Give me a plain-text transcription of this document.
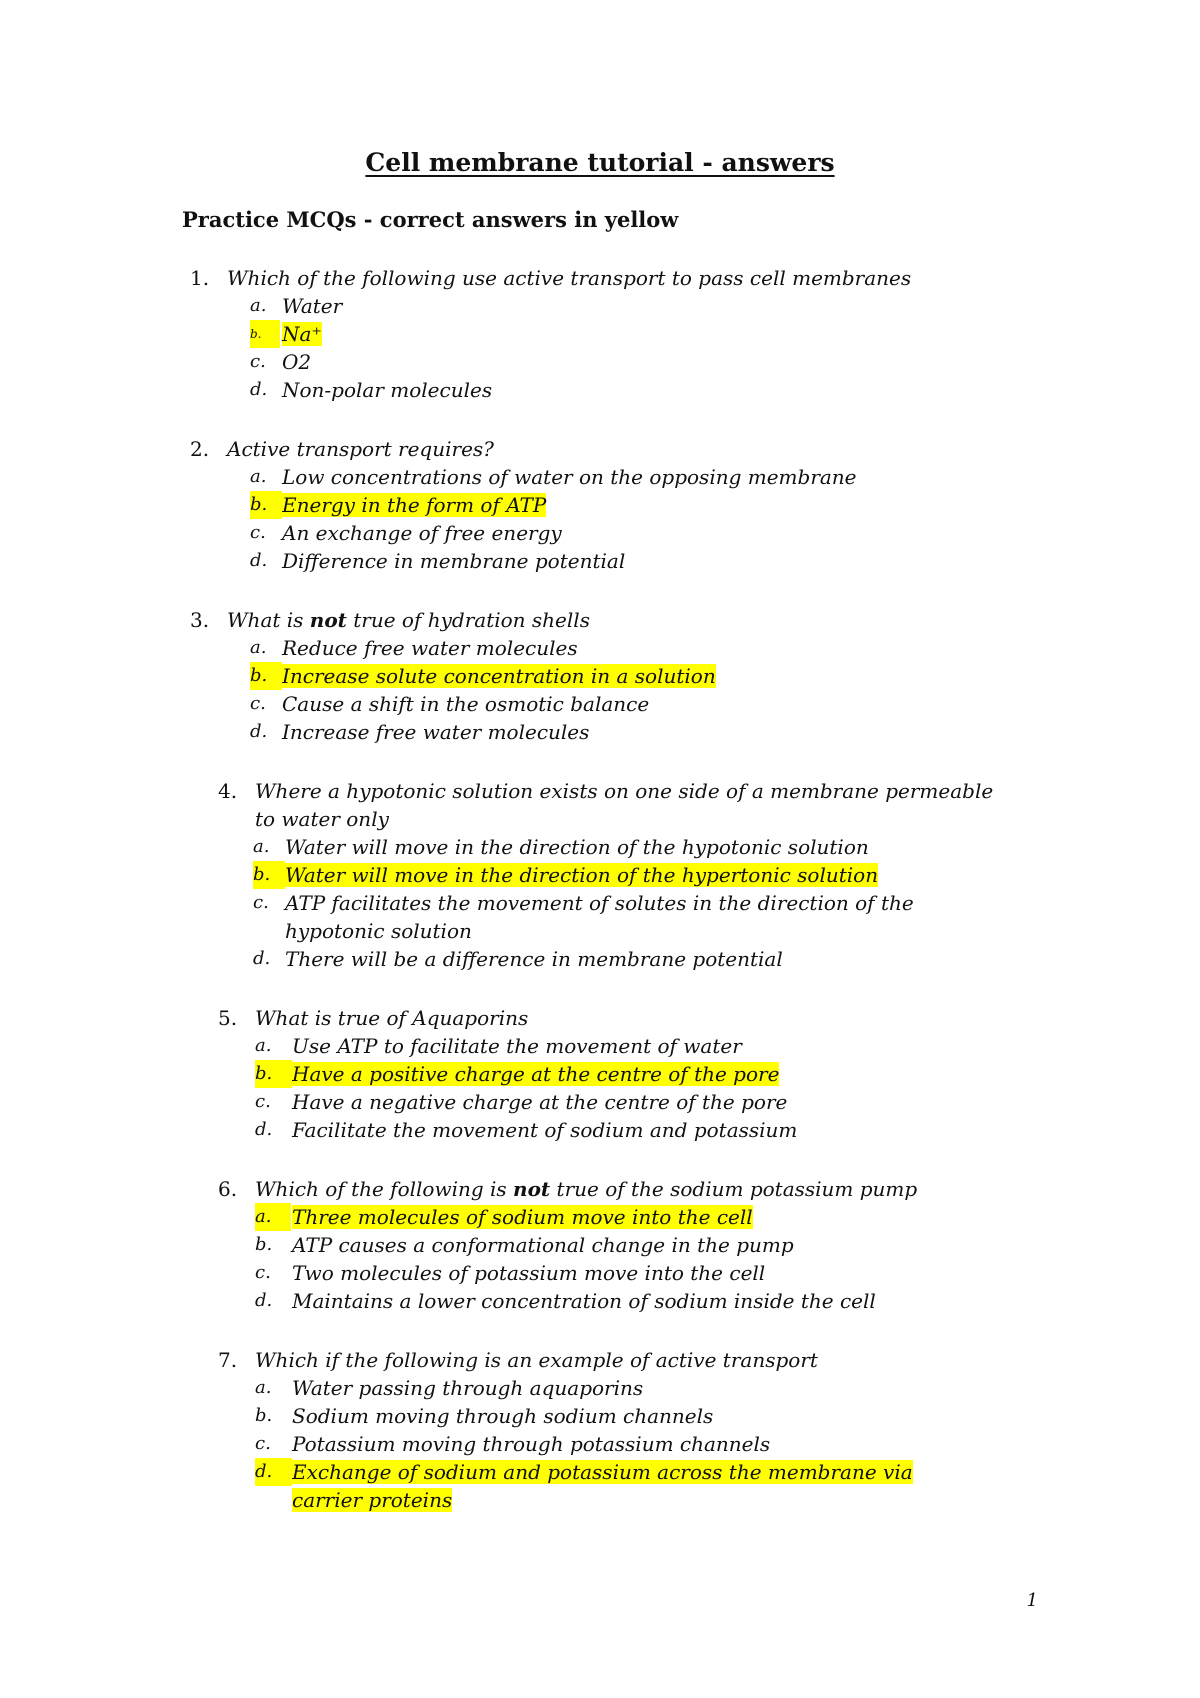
Cell membrane tutorial - answers
Practice MCQs - correct answers in yellow
1. Which of the following use active transport to pass cell membranes
a. Water
b.	Na⁺
c. O2
d. Non-polar molecules
2. Active transport requires?
a. Low concentrations of water on the opposing membrane
b. Energy in the form of ATP
c. An exchange of free energy
d. Difference in membrane potential
3. What is not true of hydration shells
a. Reduce free water molecules
b. Increase solute concentration in a solution
c. Cause a shift in the osmotic balance
d. Increase free water molecules
4. Where a hypotonic solution exists on one side of a membrane permeable to water only
a. Water will move in the direction of the hypotonic solution
b. Water will move in the direction of the hypertonic solution
c. ATP facilitates the movement of solutes in the direction of the hypotonic solution
d. There will be a difference in membrane potential
5. What is true of Aquaporins
a. Use ATP to facilitate the movement of water
b. Have a positive charge at the centre of the pore
c. Have a negative charge at the centre of the pore
d. Facilitate the movement of sodium and potassium
6. Which of the following is not true of the sodium potassium pump
a.	Three molecules of sodium move into the cell
b. ATP causes a conformational change in the pump
c. Two molecules of potassium move into the cell
d. Maintains a lower concentration of sodium inside the cell
7. Which if the following is an example of active transport
a. Water passing through aquaporins
b. Sodium moving through sodium channels
c. Potassium moving through potassium channels
d. Exchange of sodium and potassium across the membrane via carrier proteins
1
